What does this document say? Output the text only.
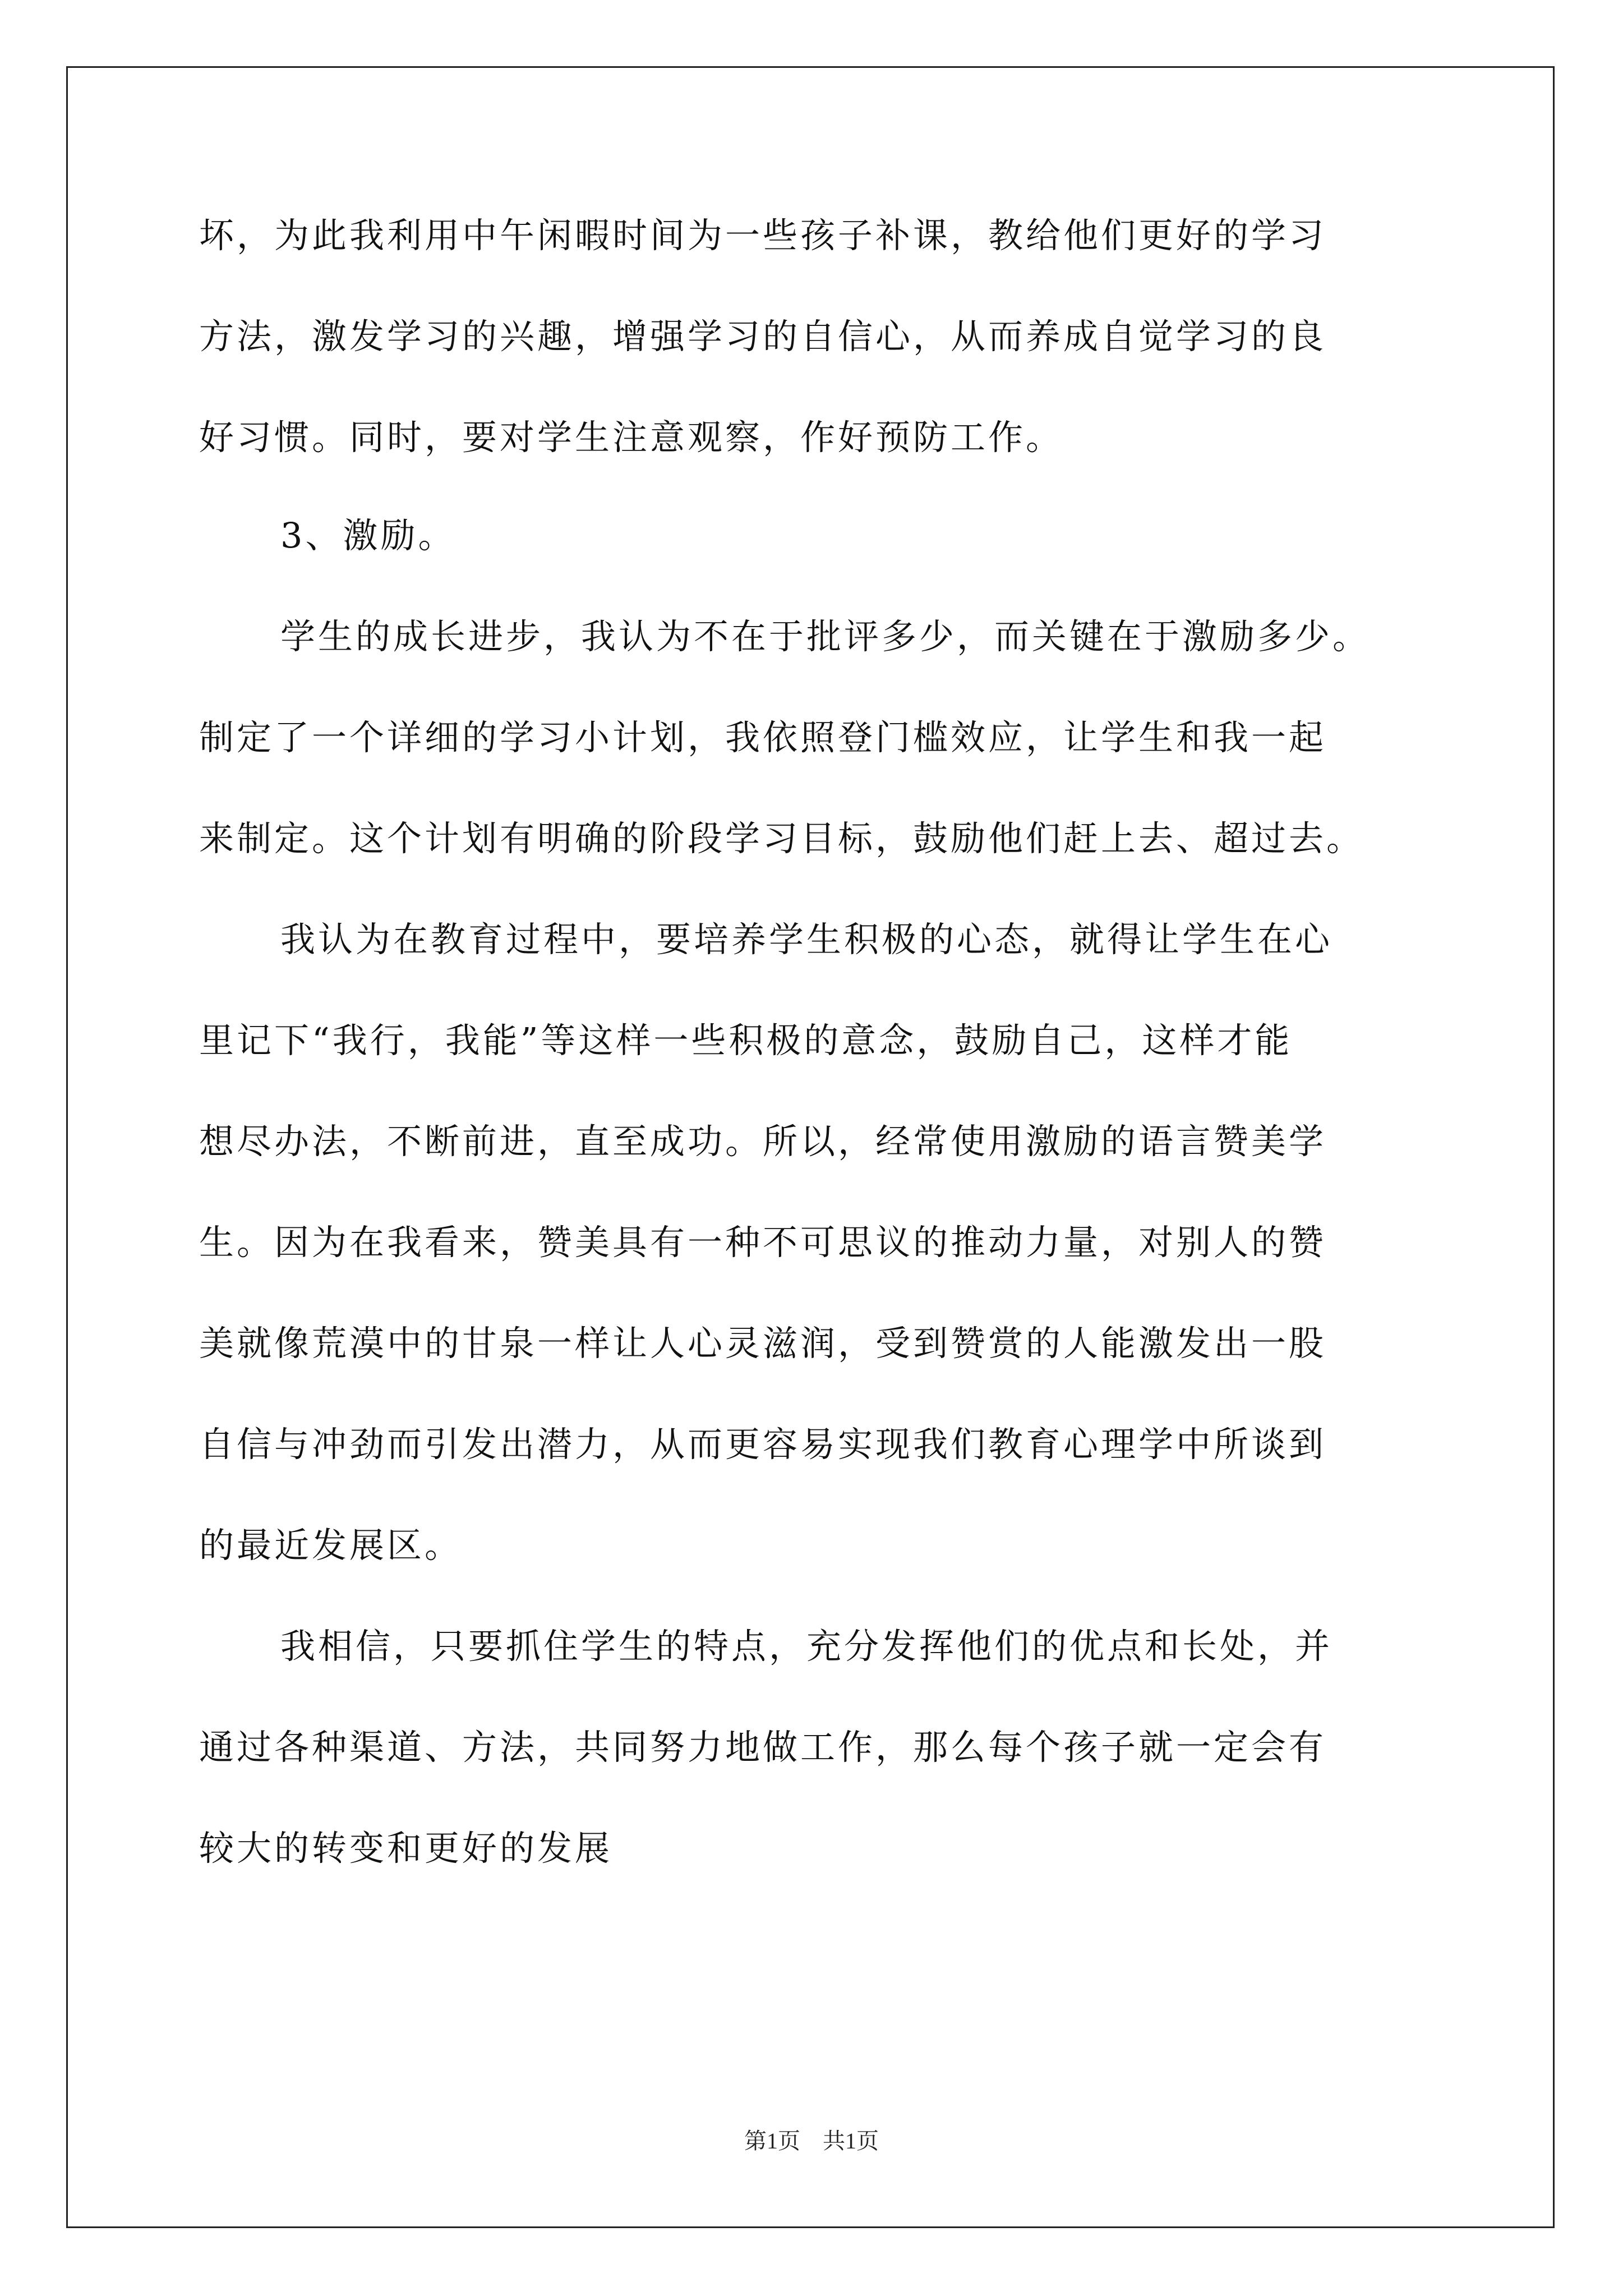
坏，为此我利用中午闲暇时间为一些孩子补课，教给他们更好的学习
方法，激发学习的兴趣，增强学习的自信心，从而养成自觉学习的良
好习惯。同时，要对学生注意观察，作好预防工作。
3、激励。
学生的成长进步，我认为不在于批评多少，而关键在于激励多少。
制定了一个详细的学习小计划，我依照登门槛效应，让学生和我一起
来制定。这个计划有明确的阶段学习目标，鼓励他们赶上去、超过去。
我认为在教育过程中，要培养学生积极的心态，就得让学生在心
里记下“我行，我能”等这样一些积极的意念，鼓励自己，这样才能
想尽办法，不断前进，直至成功。所以，经常使用激励的语言赞美学
生。因为在我看来，赞美具有一种不可思议的推动力量，对别人的赞
美就像荒漠中的甘泉一样让人心灵滋润，受到赞赏的人能激发出一股
自信与冲劲而引发出潜力，从而更容易实现我们教育心理学中所谈到
的最近发展区。
我相信，只要抓住学生的特点，充分发挥他们的优点和长处，并
通过各种渠道、方法，共同努力地做工作，那么每个孩子就一定会有
较大的转变和更好的发展
第1页　共1页
